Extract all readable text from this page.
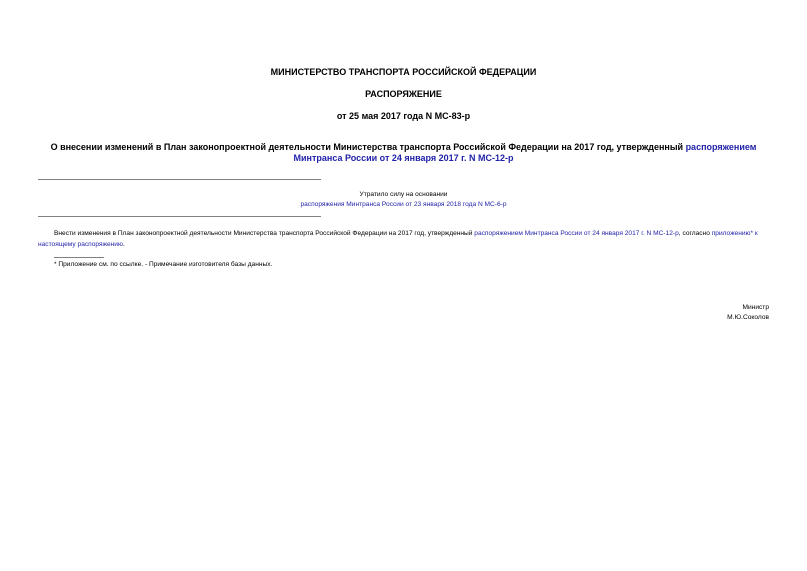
МИНИСТЕРСТВО ТРАНСПОРТА РОССИЙСКОЙ ФЕДЕРАЦИИ
РАСПОРЯЖЕНИЕ
от 25 мая 2017 года N МС-83-р
О внесении изменений в План законопроектной деятельности Министерства транспорта Российской Федерации на 2017 год, утвержденный распоряжением
Минтранса России от 24 января 2017 г. N МС-12-р
Утратило силу на основании
распоряжения Минтранса России от 23 января 2018 года N МС-6-р
Внести изменения в План законопроектной деятельности Министерства транспорта Российской Федерации на 2017 год, утвержденный распоряжением Минтранса России от 24 января 2017 г. N МС-12-р, согласно приложению* к настоящему распоряжению.
* Приложение см. по ссылке. - Примечание изготовителя базы данных.
Министр
М.Ю.Соколов
